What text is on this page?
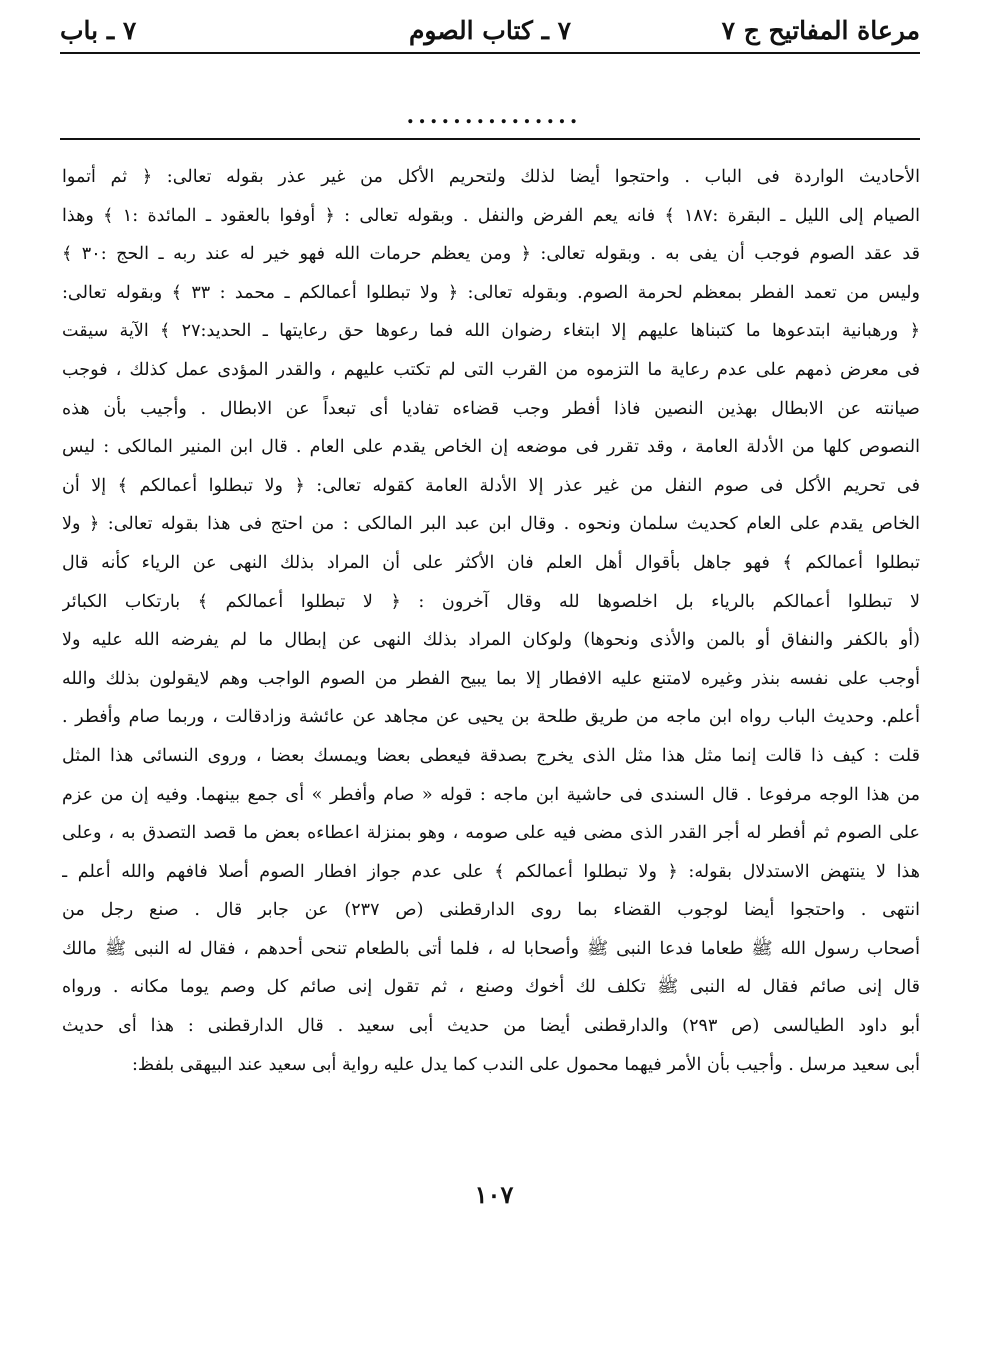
مرعاة المفاتيح ج ٧
٧ ـ كتاب الصوم
٧ ـ باب
...............
الأحاديث الواردة فى الباب . واحتجوا أيضا لذلك ولتحريم الأكل من غير عذر بقوله تعالى: ﴿ ثم أتموا
الصيام إلى الليل ـ البقرة :١٨٧ ﴾ فانه يعم الفرض والنفل . وبقوله تعالى : ﴿ أوفوا بالعقود ـ المائدة :١ ﴾ وهذا
قد عقد الصوم فوجب أن يفى به . وبقوله تعالى: ﴿ ومن يعظم حرمات الله فهو خير له عند ربه ـ الحج :٣٠ ﴾
وليس من تعمد الفطر بمعظم لحرمة الصوم. وبقوله تعالى: ﴿ ولا تبطلوا أعمالكم ـ محمد : ٣٣ ﴾ وبقوله تعالى:
﴿ ورهبانية ابتدعوها ما كتبناها عليهم إلا ابتغاء رضوان الله فما رعوها حق رعايتها ـ الحديد:٢٧ ﴾ الآية سيقت
فى معرض ذمهم على عدم رعاية ما التزموه من القرب التى لم تكتب عليهم ، والقدر المؤدى عمل كذلك ، فوجب
صيانته عن الابطال بهذين النصين فاذا أفطر وجب قضاءه تفاديا أى تبعداً عن الابطال . وأجيب بأن هذه
النصوص كلها من الأدلة العامة ، وقد تقرر فى موضعه إن الخاص يقدم على العام . قال ابن المنير المالكى : ليس
فى تحريم الأكل فى صوم النفل من غير عذر إلا الأدلة العامة كقوله تعالى: ﴿ ولا تبطلوا أعمالكم ﴾ إلا أن
الخاص يقدم على العام كحديث سلمان ونحوه . وقال ابن عبد البر المالكى : من احتج فى هذا بقوله تعالى: ﴿ ولا
تبطلوا أعمالكم ﴾ فهو جاهل بأقوال أهل العلم فان الأكثر على أن المراد بذلك النهى عن الرياء كأنه قال
لا تبطلوا أعمالكم بالرياء بل اخلصوها لله وقال آخرون : ﴿ لا تبطلوا أعمالكم ﴾ بارتكاب الكبائر
(أو بالكفر والنفاق أو بالمن والأذى ونحوها) ولوكان المراد بذلك النهى عن إبطال ما لم يفرضه الله عليه ولا
أوجب على نفسه بنذر وغيره لامتنع عليه الافطار إلا بما يبيح الفطر من الصوم الواجب وهم لايقولون بذلك والله
أعلم. وحديث الباب رواه ابن ماجه من طريق طلحة بن يحيى عن مجاهد عن عائشة وزادقالت ، وربما صام وأفطر .
قلت : كيف ذا قالت إنما مثل هذا مثل الذى يخرج بصدقة فيعطى بعضا ويمسك بعضا ، وروى النسائى هذا المثل
من هذا الوجه مرفوعا . قال السندى فى حاشية ابن ماجه : قوله « صام وأفطر » أى جمع بينهما. وفيه إن من عزم
على الصوم ثم أفطر له أجر القدر الذى مضى فيه على صومه ، وهو بمنزلة اعطاءه بعض ما قصد التصدق به ، وعلى
هذا لا ينتهض الاستدلال بقوله: ﴿ ولا تبطلوا أعمالكم ﴾ على عدم جواز افطار الصوم أصلا فافهم والله أعلم ـ
انتهى . واحتجوا أيضا لوجوب القضاء بما روى الدارقطنى (ص ٢٣٧) عن جابر قال . صنع رجل من
أصحاب رسول الله ﷺ طعاما فدعا النبى ﷺ وأصحابا له ، فلما أتى بالطعام تنحى أحدهم ، فقال له النبى ﷺ مالك
قال إنى صائم فقال له النبى ﷺ تكلف لك أخوك وصنع ، ثم تقول إنى صائم كل وصم يوما مكانه . ورواه
أبو داود الطيالسى (ص ٢٩٣) والدارقطنى أيضا من حديث أبى سعيد . قال الدارقطنى : هذا أى حديث
أبى سعيد مرسل . وأجيب بأن الأمر فيهما محمول على الندب كما يدل عليه رواية أبى سعيد عند البيهقى بلفظ:
١٠٧
